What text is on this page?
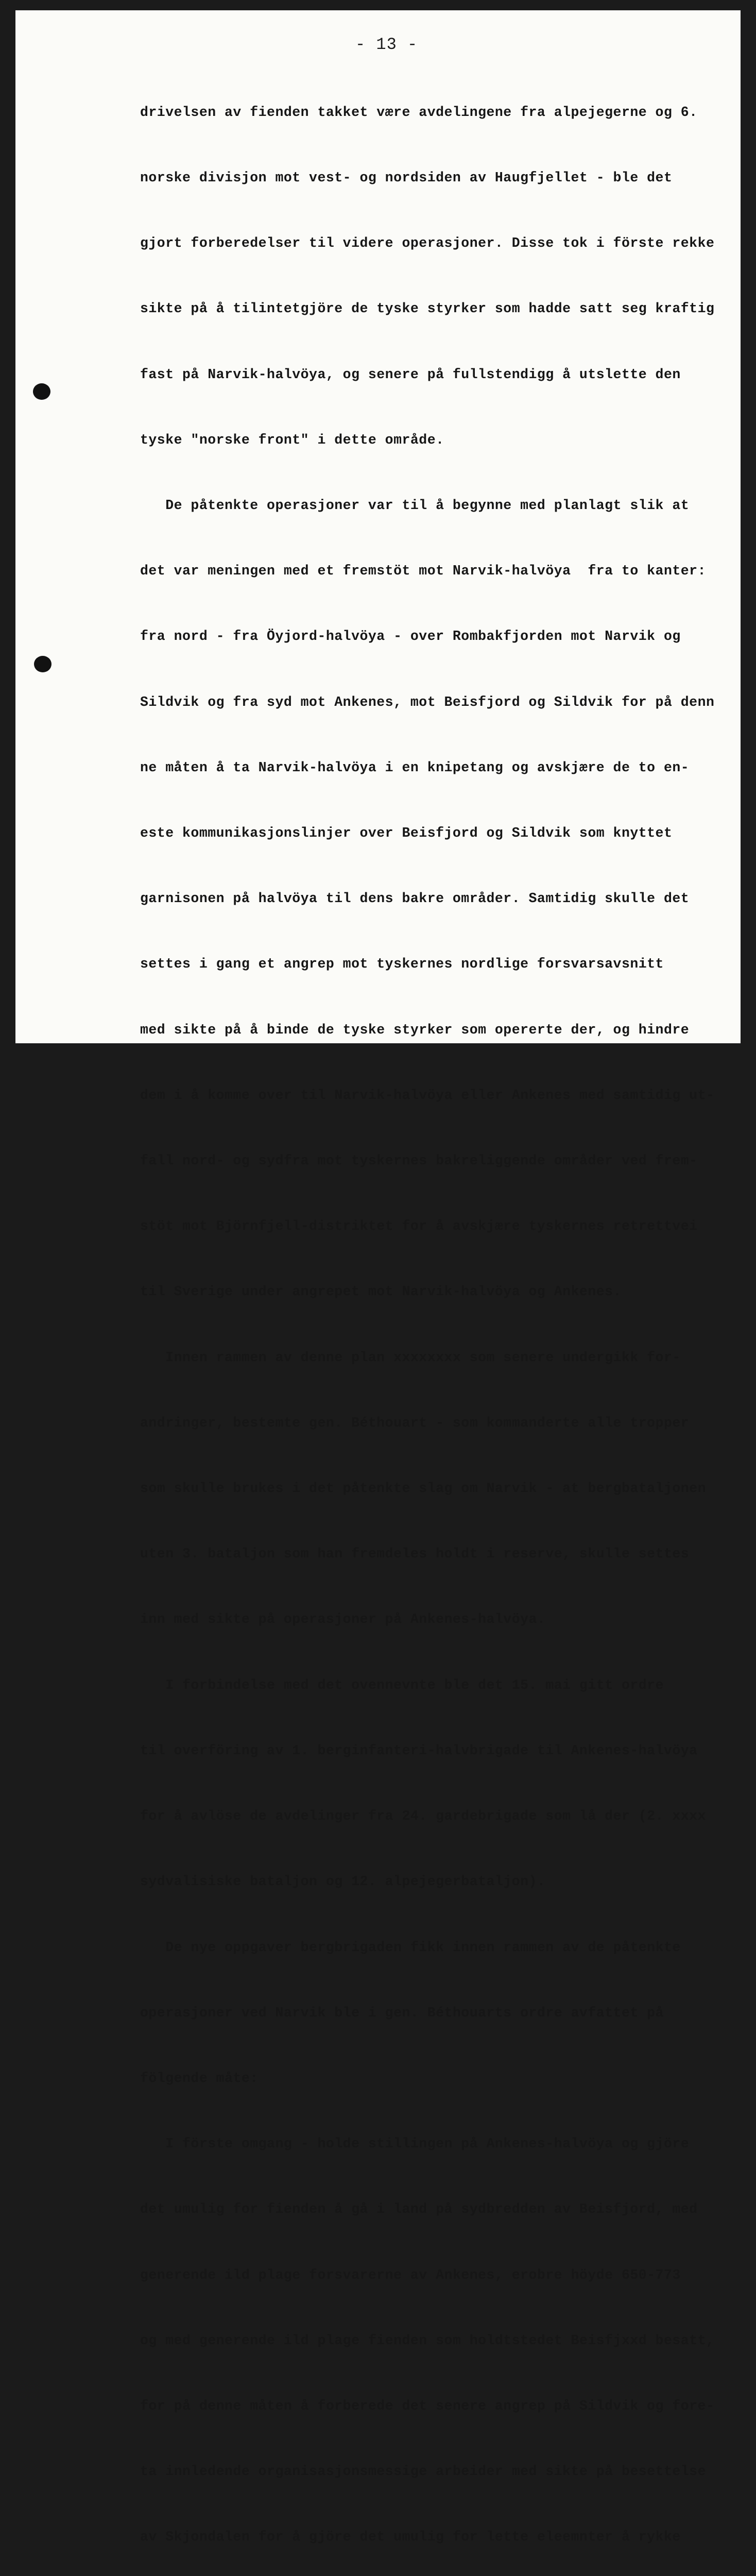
- 13 -

drivelsen av fienden takket være avdelingene fra alpejegerne og 6.

norske divisjon mot vest- og nordsiden av Haugfjellet - ble det

gjort forberedelser til videre operasjoner. Disse tok i förste rekke

sikte på å tilintetgjöre de tyske styrker som hadde satt seg kraftig

fast på Narvik-halvöya, og senere på fullstendigg å utslette den

tyske "norske front" i dette område.

De påtenkte operasjoner var til å begynne med planlagt slik at

det var meningen med et fremstöt mot Narvik-halvöya  fra to kanter:

fra nord - fra Öyjord-halvöya - over Rombakfjorden mot Narvik og

Sildvik og fra syd mot Ankenes, mot Beisfjord og Sildvik for på denn

ne måten å ta Narvik-halvöya i en knipetang og avskjære de to en-

este kommunikasjonslinjer over Beisfjord og Sildvik som knyttet

garnisonen på halvöya til dens bakre områder. Samtidig skulle det

settes i gang et angrep mot tyskernes nordlige forsvarsavsnitt

med sikte på å binde de tyske styrker som opererte der, og hindre

dem i å komme over til Narvik-halvöya eller Ankenes med samtidig ut-

fall nord- og sydfra mot tyskernes bakreliggende områder ved frem-

stöt mot Björnfjell-distriktet for å avskjære tyskernes retrettvei

til Sverige under angrepet mot Narvik-halvöya og Ankenes.

Innen rammen av denne plan xxxxxxxx som senere undergikk for-

andringer, bestemte gen. Béthouart - som kommanderte alle tropper

som skulle brukes i det påtenkte slag om Narvik - at bergbataljonen

uten 3. bataljon som han fremdeles holdt i reserve, skulle settes

inn med sikte på operasjoner på Ankenes-halvöya.

I forbindelse med det ovennevnte ble det 15. mai gitt ordre

til overföring av 1. berginfanteri-halvbrigade til Ankenes-halvöya

for å avlöse de avdelinger fra 24. gardebrigade som lå der (2. xxxx

sydvalisiske bataljon og 12. alpejegerbataljon).

De nye oppgaver bergbrigaden fikk innen rammen av de påtenkte

operasjoner ved Narvik ble i gen. Béthouarts ordre avfattet på

fölgende måte:

I förste omgang - holde stillingen på Ankenes-halvöya og gjöre

det umulig for fienden å gå i land på sydbredden av Beisfjord, med

generende ild plage forsvarerne av Ankenes, erobre höyde 650-773

og med generende ild plage fienden som holdtstedet Beisfjxxd besatt,

for på denne måten å forberede det senere angrep på Sildvik og fore-

ta innledende organisasjonsmessige arbeider med sikte på besettelse

av Skjondalen for å gjöre det umulig for lette eleemnter å rykke
